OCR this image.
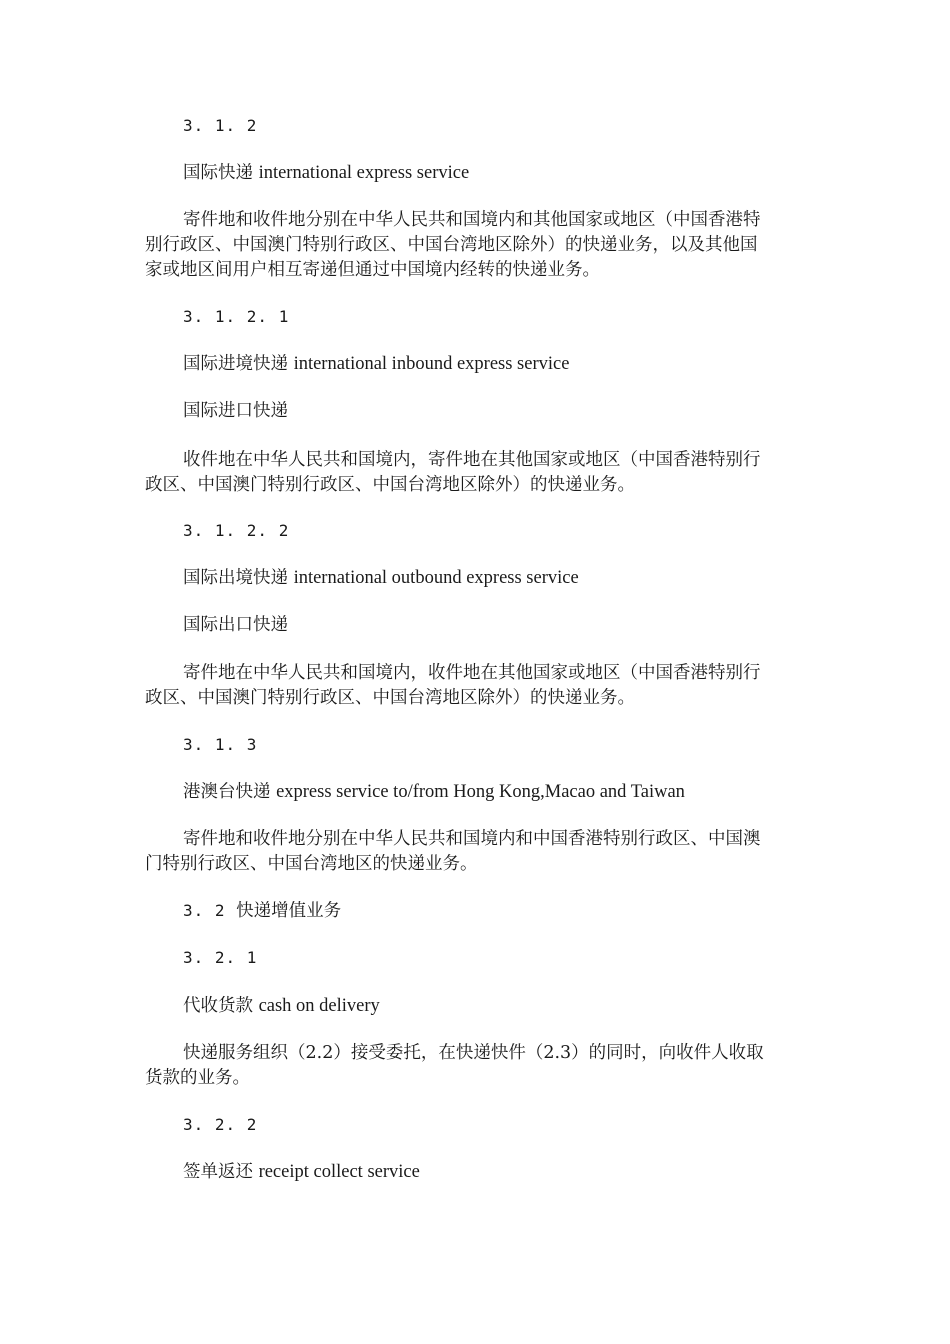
3. 1. 2

国际快递 international express service

寄件地和收件地分别在中华人民共和国境内和其他国家或地区（中国香港特

别行政区、中国澳门特别行政区、中国台湾地区除外）的快递业务，以及其他国

家或地区间用户相互寄递但通过中国境内经转的快递业务。

3. 1. 2. 1

国际进境快递 international inbound express service

国际进口快递

收件地在中华人民共和国境内，寄件地在其他国家或地区（中国香港特别行

政区、中国澳门特别行政区、中国台湾地区除外）的快递业务。

3. 1. 2. 2

国际出境快递 international outbound express service

国际出口快递

寄件地在中华人民共和国境内，收件地在其他国家或地区（中国香港特别行

政区、中国澳门特别行政区、中国台湾地区除外）的快递业务。

3. 1. 3

港澳台快递 express service to/from Hong Kong,Macao and Taiwan

寄件地和收件地分别在中华人民共和国境内和中国香港特别行政区、中国澳

门特别行政区、中国台湾地区的快递业务。

3. 2 快递增值业务

3. 2. 1

代收货款 cash on delivery

快递服务组织（2.2）接受委托，在快递快件（2.3）的同时，向收件人收取

货款的业务。

3. 2. 2

签单返还 receipt collect service
